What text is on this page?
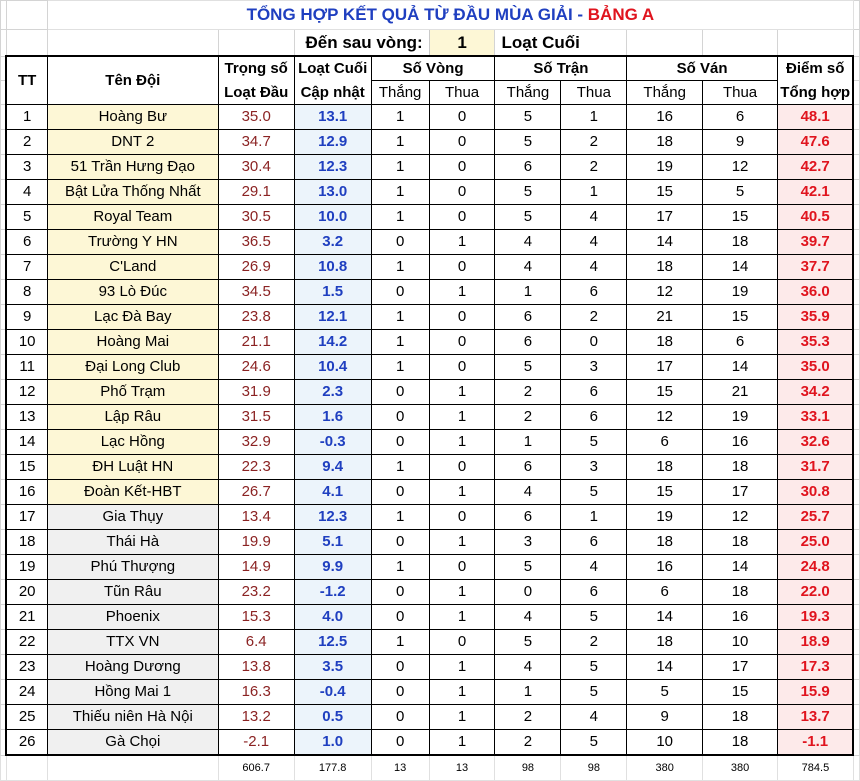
		TỔNG HỢP KẾT QUẢ TỪ ĐẦU MÙA GIẢI - BẢNG A										
				Đến sau vòng:		1	Loạt Cuối					
	TT	Tên Đội	Trọng số	Loạt Cuối	Số Vòng		Số Trận		Số Ván		Điểm số	
			Loạt Đầu	Cập nhật	Thắng	Thua	Thắng	Thua	Thắng	Thua	Tổng hợp	
	1	Hoàng Bư	35.0	13.1	1	0	5	1	16	6	48.1	
	2	DNT 2	34.7	12.9	1	0	5	2	18	9	47.6	
	3	51 Trần Hưng Đạo	30.4	12.3	1	0	6	2	19	12	42.7	
	4	Bật Lửa Thống Nhất	29.1	13.0	1	0	5	1	15	5	42.1	
	5	Royal Team	30.5	10.0	1	0	5	4	17	15	40.5	
	6	Trường Y HN	36.5	3.2	0	1	4	4	14	18	39.7	
	7	C'Land	26.9	10.8	1	0	4	4	18	14	37.7	
	8	93 Lò Đúc	34.5	1.5	0	1	1	6	12	19	36.0	
	9	Lạc Đà Bay	23.8	12.1	1	0	6	2	21	15	35.9	
	10	Hoàng Mai	21.1	14.2	1	0	6	0	18	6	35.3	
	11	Đại Long Club	24.6	10.4	1	0	5	3	17	14	35.0	
	12	Phố Trạm	31.9	2.3	0	1	2	6	15	21	34.2	
	13	Lập Râu	31.5	1.6	0	1	2	6	12	19	33.1	
	14	Lạc Hồng	32.9	-0.3	0	1	1	5	6	16	32.6	
	15	ĐH Luật HN	22.3	9.4	1	0	6	3	18	18	31.7	
	16	Đoàn Kết-HBT	26.7	4.1	0	1	4	5	15	17	30.8	
	17	Gia Thụy	13.4	12.3	1	0	6	1	19	12	25.7	
	18	Thái Hà	19.9	5.1	0	1	3	6	18	18	25.0	
	19	Phú Thượng	14.9	9.9	1	0	5	4	16	14	24.8	
	20	Tũn Râu	23.2	-1.2	0	1	0	6	6	18	22.0	
	21	Phoenix	15.3	4.0	0	1	4	5	14	16	19.3	
	22	TTX VN	6.4	12.5	1	0	5	2	18	10	18.9	
	23	Hoàng Dương	13.8	3.5	0	1	4	5	14	17	17.3	
	24	Hồng Mai 1	16.3	-0.4	0	1	1	5	5	15	15.9	
	25	Thiếu niên Hà Nội	13.2	0.5	0	1	2	4	9	18	13.7	
	26	Gà Chọi	-2.1	1.0	0	1	2	5	10	18	-1.1	
			606.7	177.8	13	13	98	98	380	380	784.5	
